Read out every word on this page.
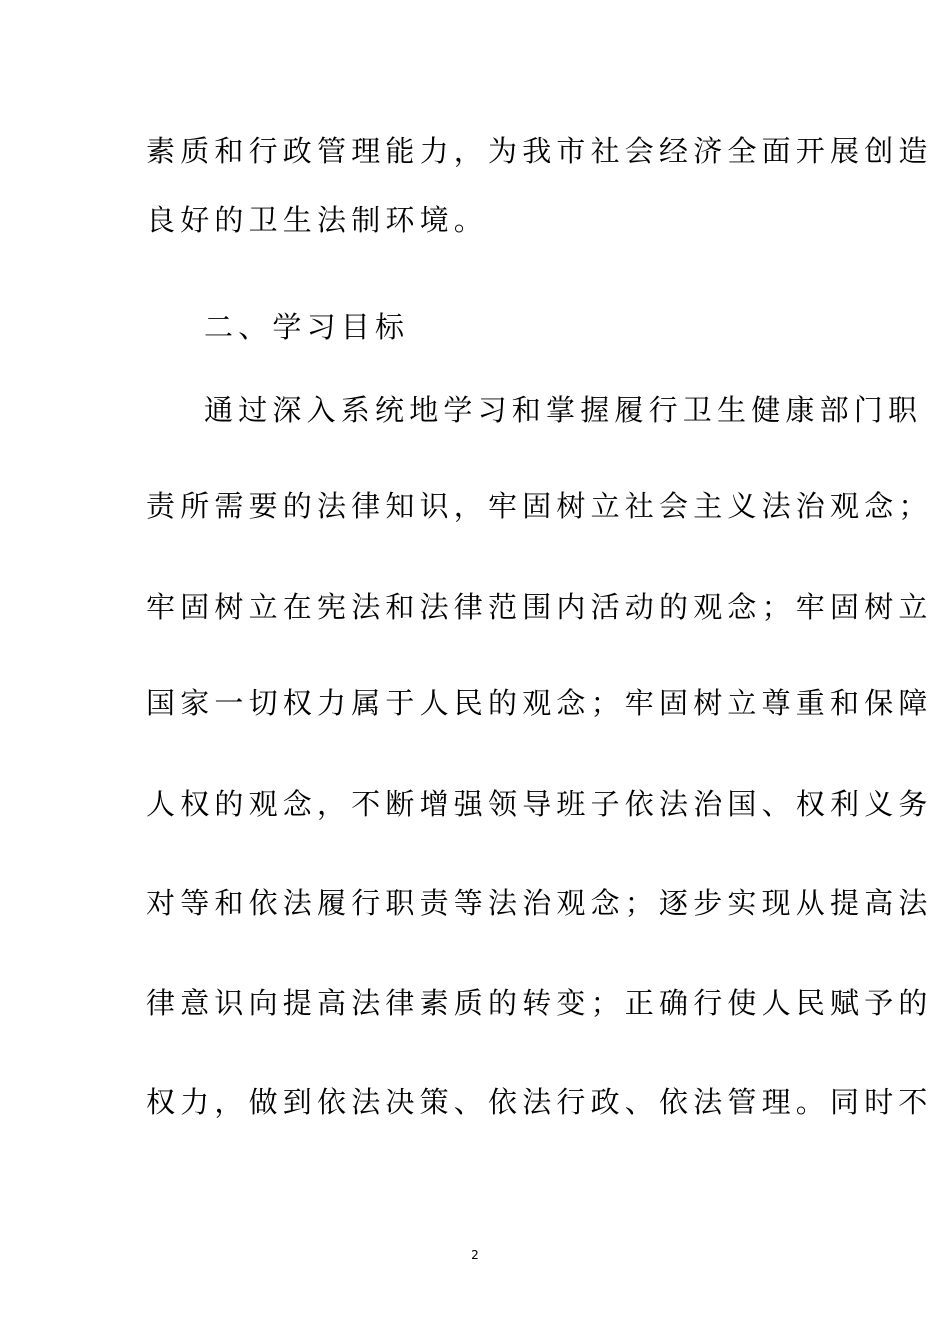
素质和行政管理能力，为我市社会经济全面开展创造
良好的卫生法制环境。
二、学习目标
通过深入系统地学习和掌握履行卫生健康部门职
责所需要的法律知识，牢固树立社会主义法治观念；
牢固树立在宪法和法律范围内活动的观念；牢固树立
国家一切权力属于人民的观念；牢固树立尊重和保障
人权的观念，不断增强领导班子依法治国、权利义务
对等和依法履行职责等法治观念；逐步实现从提高法
律意识向提高法律素质的转变；正确行使人民赋予的
权力，做到依法决策、依法行政、依法管理。同时不
2
